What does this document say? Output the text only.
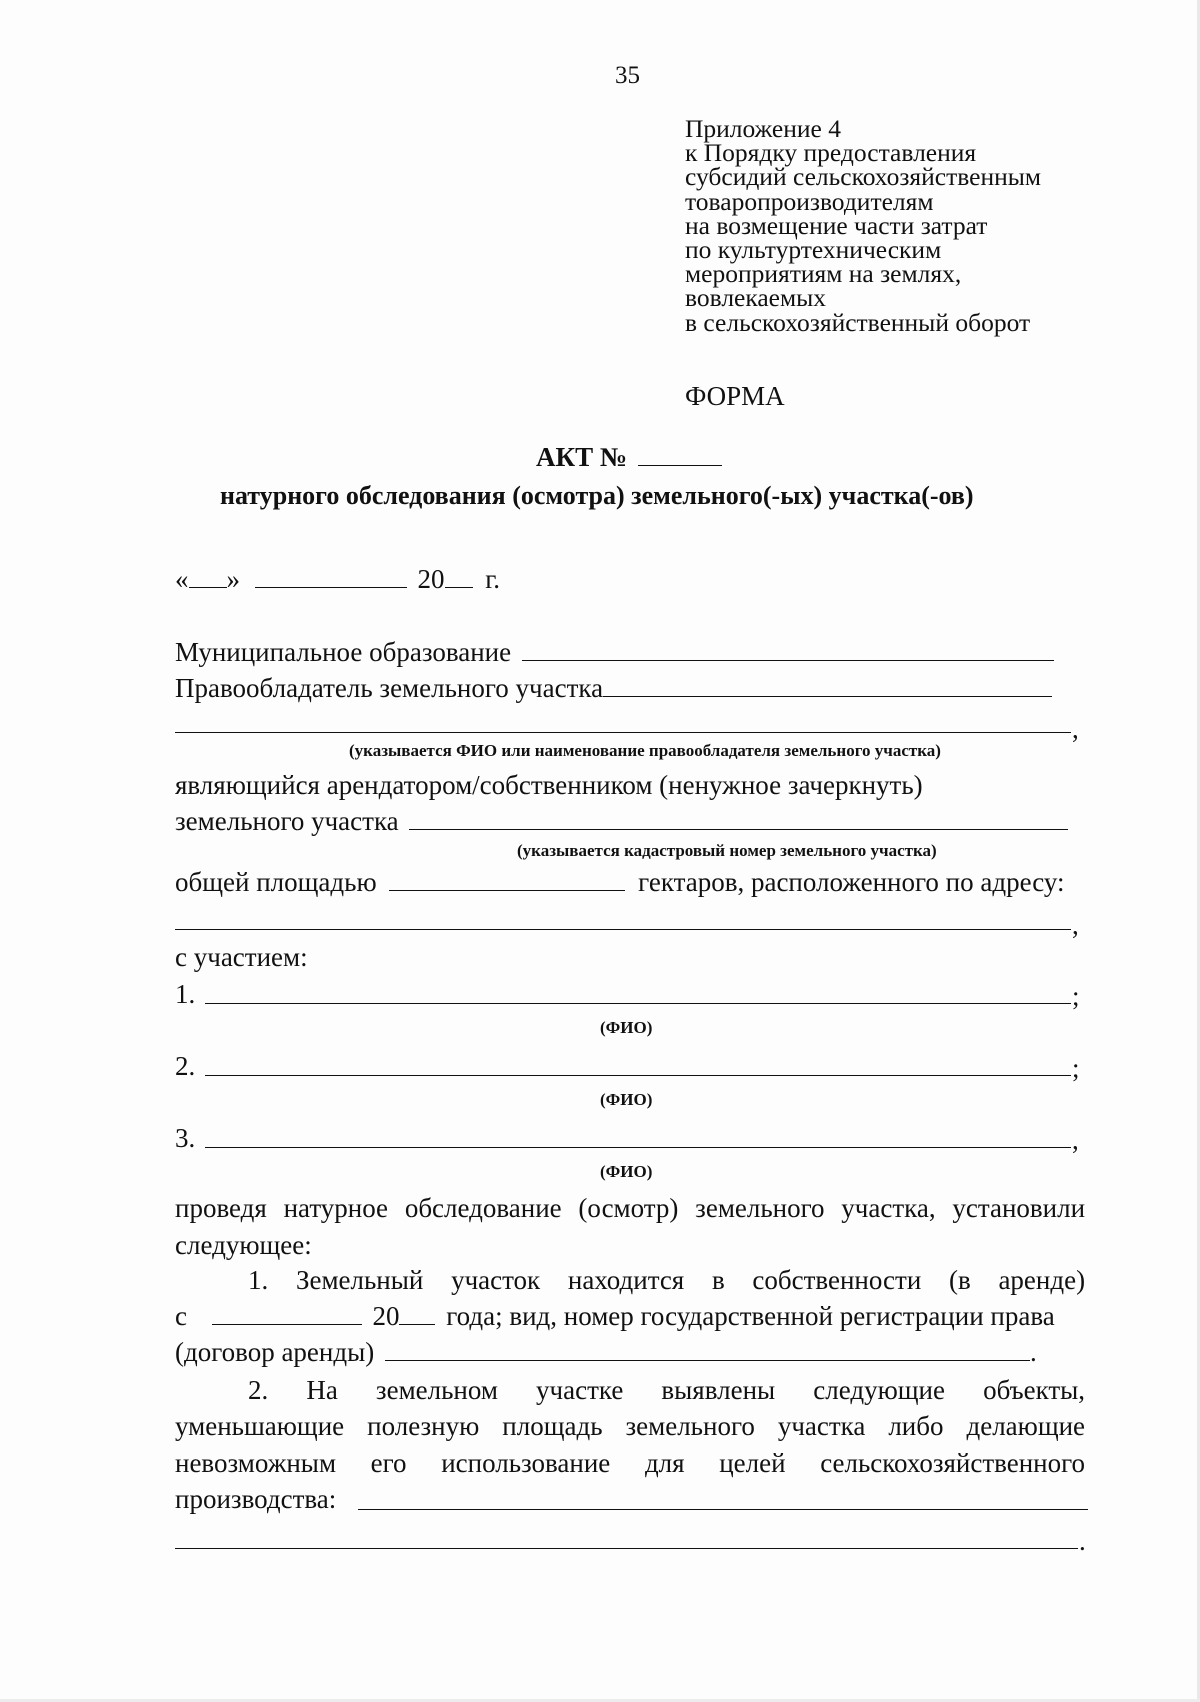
35
Приложение 4
к Порядку предоставления
субсидий сельскохозяйственным
товаропроизводителям
на возмещение части затрат
по культуртехническим
мероприятиям на землях,
вовлекаемых
в сельскохозяйственный оборот
ФОРМА
АКТ №
натурного обследования (осмотра) земельного(-ых) участка(-ов)
« »	20 г.
Муниципальное образование
Правообладатель земельного участка
,
(указывается ФИО или наименование правообладателя земельного участка)
являющийся арендатором/собственником (ненужное зачеркнуть)
земельного участка
(указывается кадастровый номер земельного участка)
общей площадью	гектаров, расположенного по адресу:
,
с участием:
1.	;
(ФИО)
2.	;
(ФИО)
3.	,
(ФИО)
проведя натурное обследование (осмотр) земельного участка, установили
следующее:
1. Земельный участок находится в собственности (в аренде)
с	20 года; вид, номер государственной регистрации права
(договор аренды)	.
2. На земельном участке выявлены следующие объекты,
уменьшающие полезную площадь земельного участка либо делающие
невозможным его использование для целей сельскохозяйственного
производства:
.
